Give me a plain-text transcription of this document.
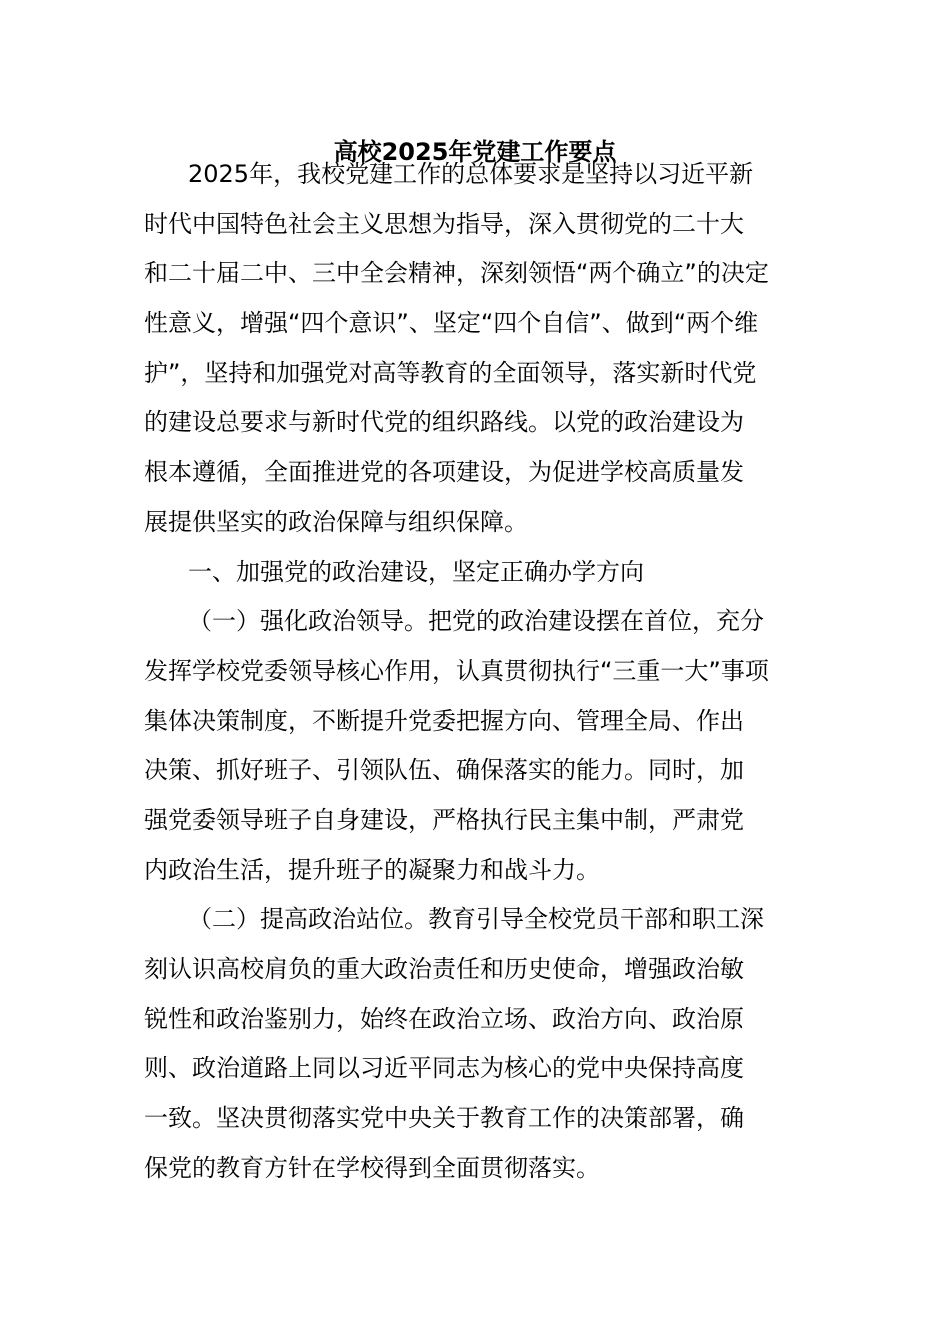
高校2025年党建工作要点
2025年，我校党建工作的总体要求是坚持以习近平新
时代中国特色社会主义思想为指导，深入贯彻党的二十大
和二十届二中、三中全会精神，深刻领悟“两个确立”的决定
性意义，增强“四个意识”、坚定“四个自信”、做到“两个维
护”，坚持和加强党对高等教育的全面领导，落实新时代党
的建设总要求与新时代党的组织路线。以党的政治建设为
根本遵循，全面推进党的各项建设，为促进学校高质量发
展提供坚实的政治保障与组织保障。
一、加强党的政治建设，坚定正确办学方向
（一）强化政治领导。把党的政治建设摆在首位，充分
发挥学校党委领导核心作用，认真贯彻执行“三重一大”事项
集体决策制度，不断提升党委把握方向、管理全局、作出
决策、抓好班子、引领队伍、确保落实的能力。同时，加
强党委领导班子自身建设，严格执行民主集中制，严肃党
内政治生活，提升班子的凝聚力和战斗力。
（二）提高政治站位。教育引导全校党员干部和职工深
刻认识高校肩负的重大政治责任和历史使命，增强政治敏
锐性和政治鉴别力，始终在政治立场、政治方向、政治原
则、政治道路上同以习近平同志为核心的党中央保持高度
一致。坚决贯彻落实党中央关于教育工作的决策部署，确
保党的教育方针在学校得到全面贯彻落实。
